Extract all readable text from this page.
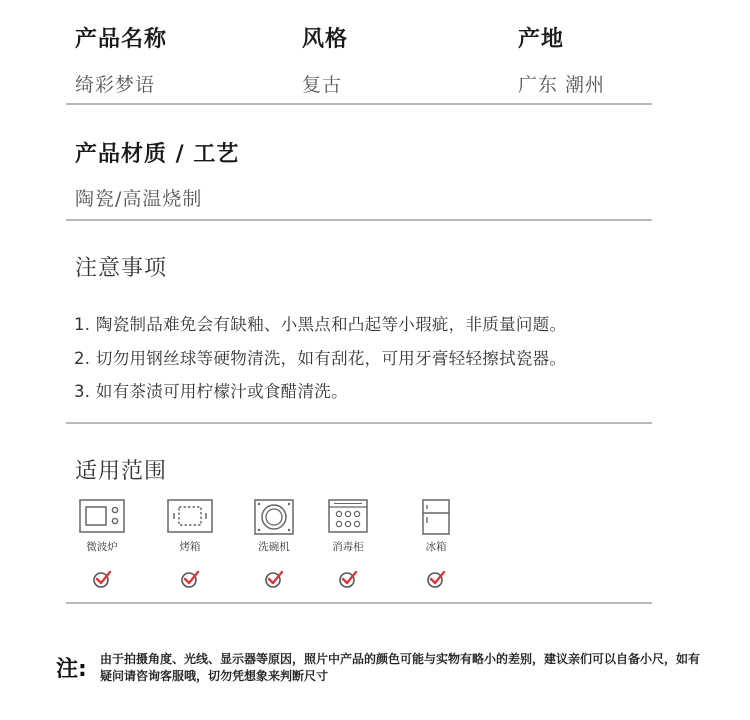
产品名称	风格	产地
绮彩梦语	复古	广东 潮州
产品材质 / 工艺
陶瓷/高温烧制
注意事项
1. 陶瓷制品难免会有缺釉、小黑点和凸起等小瑕疵，非质量问题。
2. 切勿用钢丝球等硬物清洗，如有刮花，可用牙膏轻轻擦拭瓷器。
3. 如有茶渍可用柠檬汁或食醋清洗。
适用范围
微波炉	烤箱	洗碗机	消毒柜	冰箱
注: 由于拍摄角度、光线、显示器等原因，照片中产品的颜色可能与实物有略小的差别，建议亲们可以自备小尺，如有疑问请咨询客服哦，切勿凭想象来判断尺寸
